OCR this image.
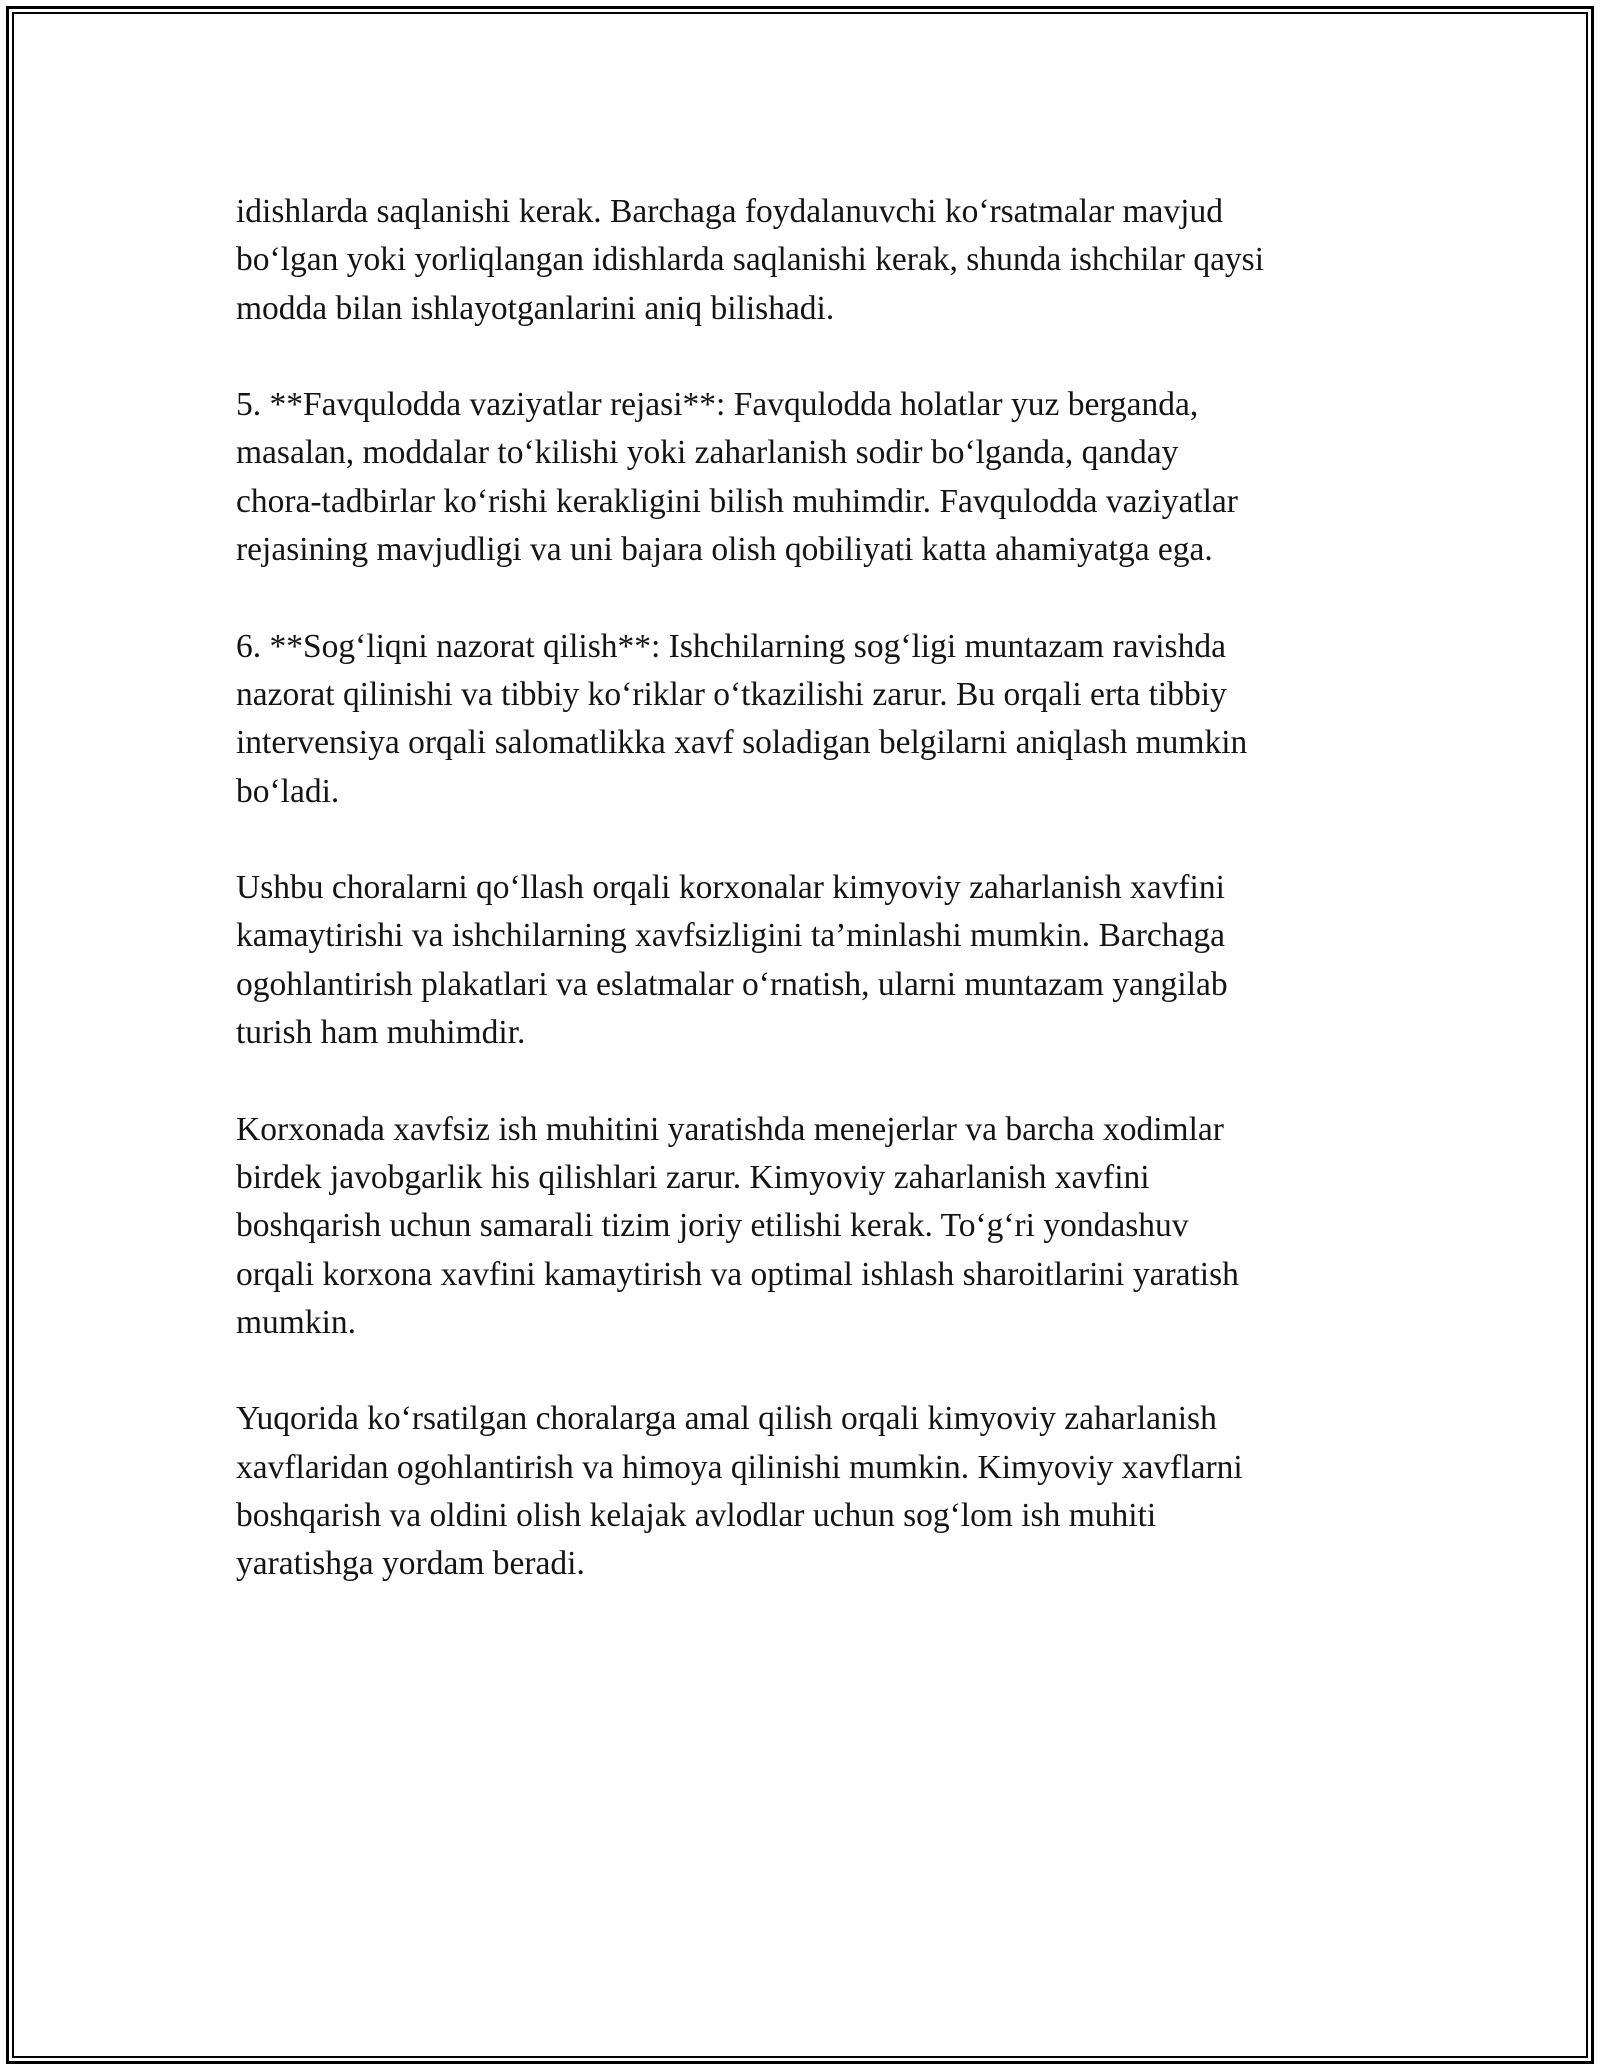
idishlarda saqlanishi kerak. Barchaga foydalanuvchi ko‘rsatmalar mavjud
bo‘lgan yoki yorliqlangan idishlarda saqlanishi kerak, shunda ishchilar qaysi
modda bilan ishlayotganlarini aniq bilishadi.

5. **Favqulodda vaziyatlar rejasi**: Favqulodda holatlar yuz berganda,
masalan, moddalar to‘kilishi yoki zaharlanish sodir bo‘lganda, qanday
chora-tadbirlar ko‘rishi kerakligini bilish muhimdir. Favqulodda vaziyatlar
rejasining mavjudligi va uni bajara olish qobiliyati katta ahamiyatga ega.

6. **Sog‘liqni nazorat qilish**: Ishchilarning sog‘ligi muntazam ravishda
nazorat qilinishi va tibbiy ko‘riklar o‘tkazilishi zarur. Bu orqali erta tibbiy
intervensiya orqali salomatlikka xavf soladigan belgilarni aniqlash mumkin
bo‘ladi.

Ushbu choralarni qo‘llash orqali korxonalar kimyoviy zaharlanish xavfini
kamaytirishi va ishchilarning xavfsizligini ta’minlashi mumkin. Barchaga
ogohlantirish plakatlari va eslatmalar o‘rnatish, ularni muntazam yangilab
turish ham muhimdir.

Korxonada xavfsiz ish muhitini yaratishda menejerlar va barcha xodimlar
birdek javobgarlik his qilishlari zarur. Kimyoviy zaharlanish xavfini
boshqarish uchun samarali tizim joriy etilishi kerak. To‘g‘ri yondashuv
orqali korxona xavfini kamaytirish va optimal ishlash sharoitlarini yaratish
mumkin.

Yuqorida ko‘rsatilgan choralarga amal qilish orqali kimyoviy zaharlanish
xavflaridan ogohlantirish va himoya qilinishi mumkin. Kimyoviy xavflarni
boshqarish va oldini olish kelajak avlodlar uchun sog‘lom ish muhiti
yaratishga yordam beradi.
